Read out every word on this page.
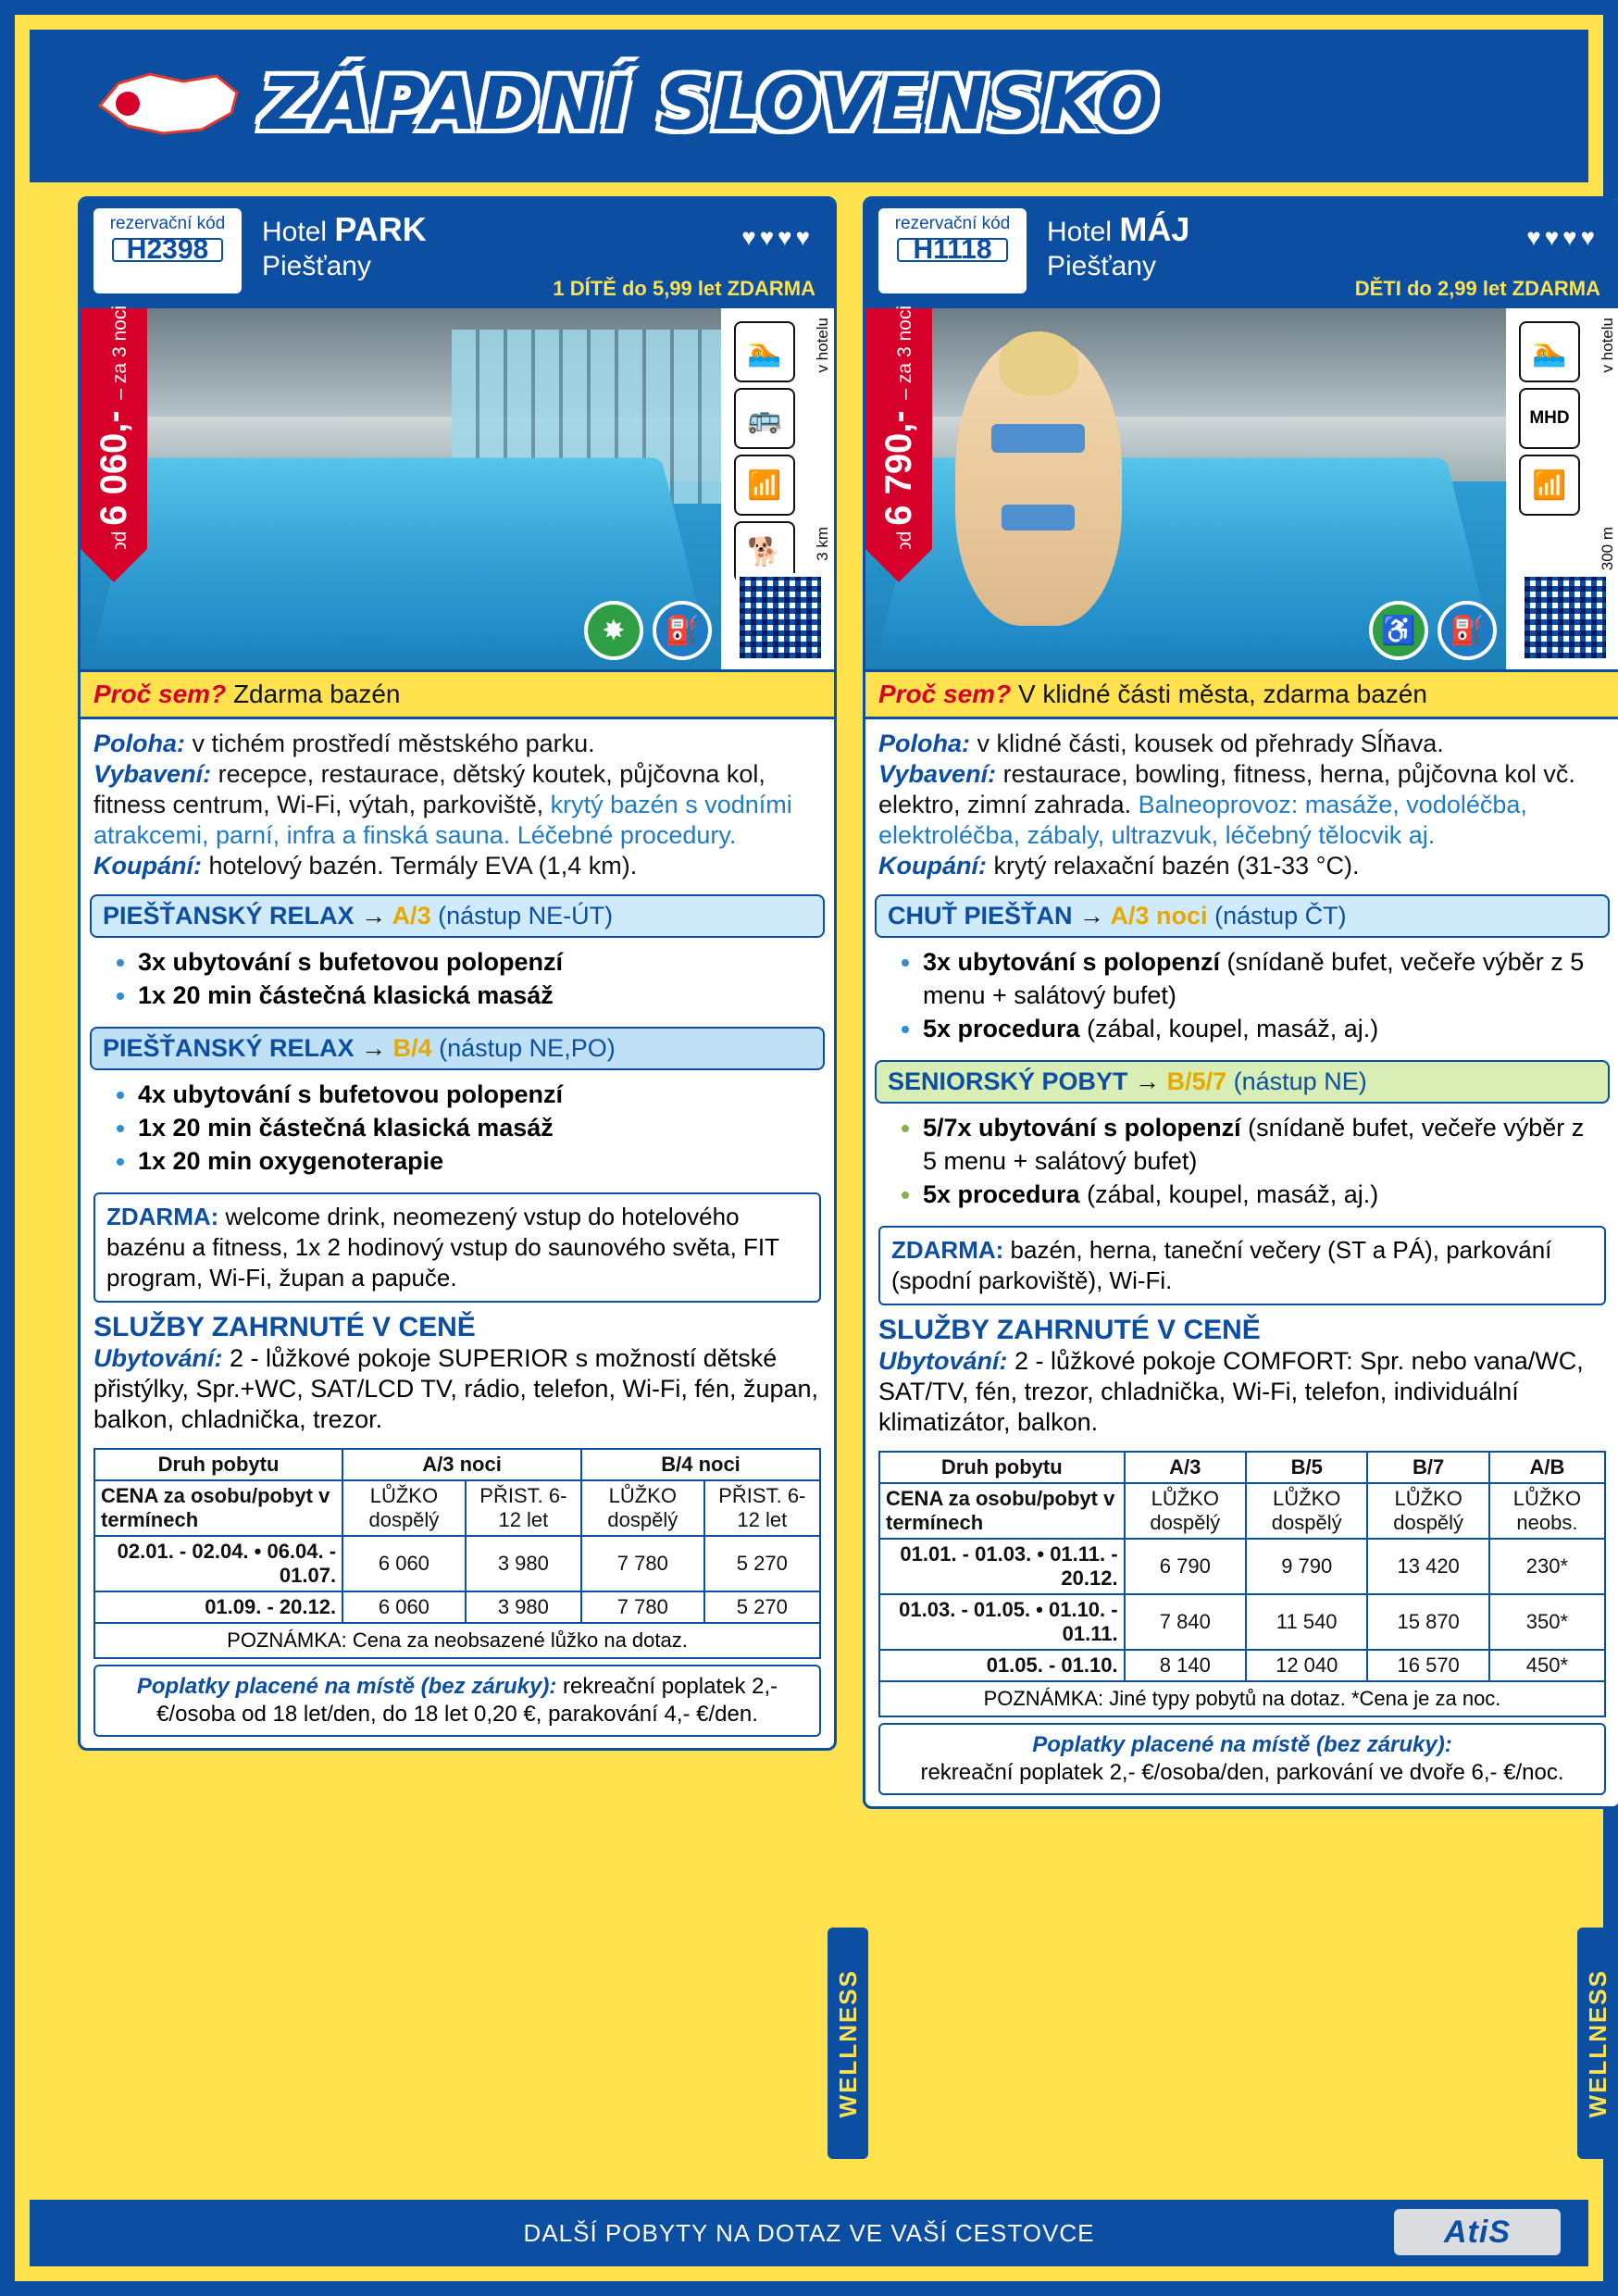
ZÁPADNÍ SLOVENSKO
rezervační kód
H2398
Hotel PARK
Piešťany
♥♥♥♥
1 DÍTĚ do 5,99 let ZDARMA
od 6 060,-  – za 3 noci
✸	⛽
v hotelu
3 km
🏊
🚌
📶
🐕
Proč sem? Zdarma bazén
Poloha: v tichém prostředí městského parku.
Vybavení: recepce, restaurace, dětský koutek, půjčovna kol, fitness centrum, Wi-Fi, výtah, parkoviště, krytý bazén s vodními atrakcemi, parní, infra a finská sauna. Léčebné procedury.
Koupání: hotelový bazén. Termály EVA (1,4 km).
PIEŠŤANSKÝ RELAX → A/3 (nástup NE-ÚT)
• 3x ubytování s bufetovou polopenzí
• 1x 20 min částečná klasická masáž
PIEŠŤANSKÝ RELAX → B/4 (nástup NE,PO)
• 4x ubytování s bufetovou polopenzí
• 1x 20 min částečná klasická masáž
• 1x 20 min oxygenoterapie
ZDARMA: welcome drink, neomezený vstup do hotelového bazénu a fitness, 1x 2 hodinový vstup do saunového světa, FIT program, Wi-Fi, župan a papuče.
SLUŽBY ZAHRNUTÉ V CENĚ
Ubytování: 2 - lůžkové pokoje SUPERIOR s možností dětské přistýlky, Spr.+WC, SAT/LCD TV, rádio, telefon, Wi-Fi, fén, župan, balkon, chladnička, trezor.
Druh pobytu	A/3 noci		B/4 noci	
CENA za osobu/pobyt v termínech	LŮŽKO dospělý	PŘIST. 6-12 let	LŮŽKO dospělý	PŘIST. 6-12 let
02.01. - 02.04. • 06.04. - 01.07.	6 060	3 980	7 780	5 270
01.09. - 20.12.	6 060	3 980	7 780	5 270
POZNÁMKA: Cena za neobsazené lůžko na dotaz.
Poplatky placené na místě (bez záruky): rekreační poplatek 2,- €/osoba od 18 let/den, do 18 let 0,20 €, parakování 4,- €/den.
rezervační kód
H1118
Hotel MÁJ
Piešťany
♥♥♥♥
DĚTI do 2,99 let ZDARMA
od 6 790,-  – za 3 noci
♿	⛽
v hotelu
300 m
🏊
MHD
📶
Proč sem? V klidné části města, zdarma bazén
Poloha: v klidné části, kousek od přehrady Sĺňava.
Vybavení: restaurace, bowling, fitness, herna, půjčovna kol vč. elektro, zimní zahrada. Balneoprovoz: masáže, vodoléčba, elektroléčba, zábaly, ultrazvuk, léčebný tělocvik aj.
Koupání: krytý relaxační bazén (31-33 °C).
CHUŤ PIEŠŤAN → A/3 noci (nástup ČT)
• 3x ubytování s polopenzí (snídaně bufet, večeře výběr z 5 menu + salátový bufet)
• 5x procedura (zábal, koupel, masáž, aj.)
SENIORSKÝ POBYT → B/5/7 (nástup NE)
• 5/7x ubytování s polopenzí (snídaně bufet, večeře výběr z 5 menu + salátový bufet)
• 5x procedura (zábal, koupel, masáž, aj.)
ZDARMA: bazén, herna, taneční večery (ST a PÁ), parkování (spodní parkoviště), Wi-Fi.
SLUŽBY ZAHRNUTÉ V CENĚ
Ubytování: 2 - lůžkové pokoje COMFORT: Spr. nebo vana/WC, SAT/TV, fén, trezor, chladnička, Wi-Fi, telefon, individuální klimatizátor, balkon.
Druh pobytu	A/3	B/5	B/7	A/B
CENA za osobu/pobyt v termínech	LŮŽKO dospělý	LŮŽKO dospělý	LŮŽKO dospělý	LŮŽKO neobs.
01.01. - 01.03. • 01.11. - 20.12.	6 790	9 790	13 420	230*
01.03. - 01.05. • 01.10. - 01.11.	7 840	11 540	15 870	350*
01.05. - 01.10.	8 140	12 040	16 570	450*
POZNÁMKA: Jiné typy pobytů na dotaz. *Cena je za noc.
Poplatky placené na místě (bez záruky):
rekreační poplatek 2,- €/osoba/den, parkování ve dvoře 6,- €/noc.
WELLNESS	WELLNESS
DALŠÍ POBYTY NA DOTAZ VE VAŠÍ CESTOVCE	AtiS
